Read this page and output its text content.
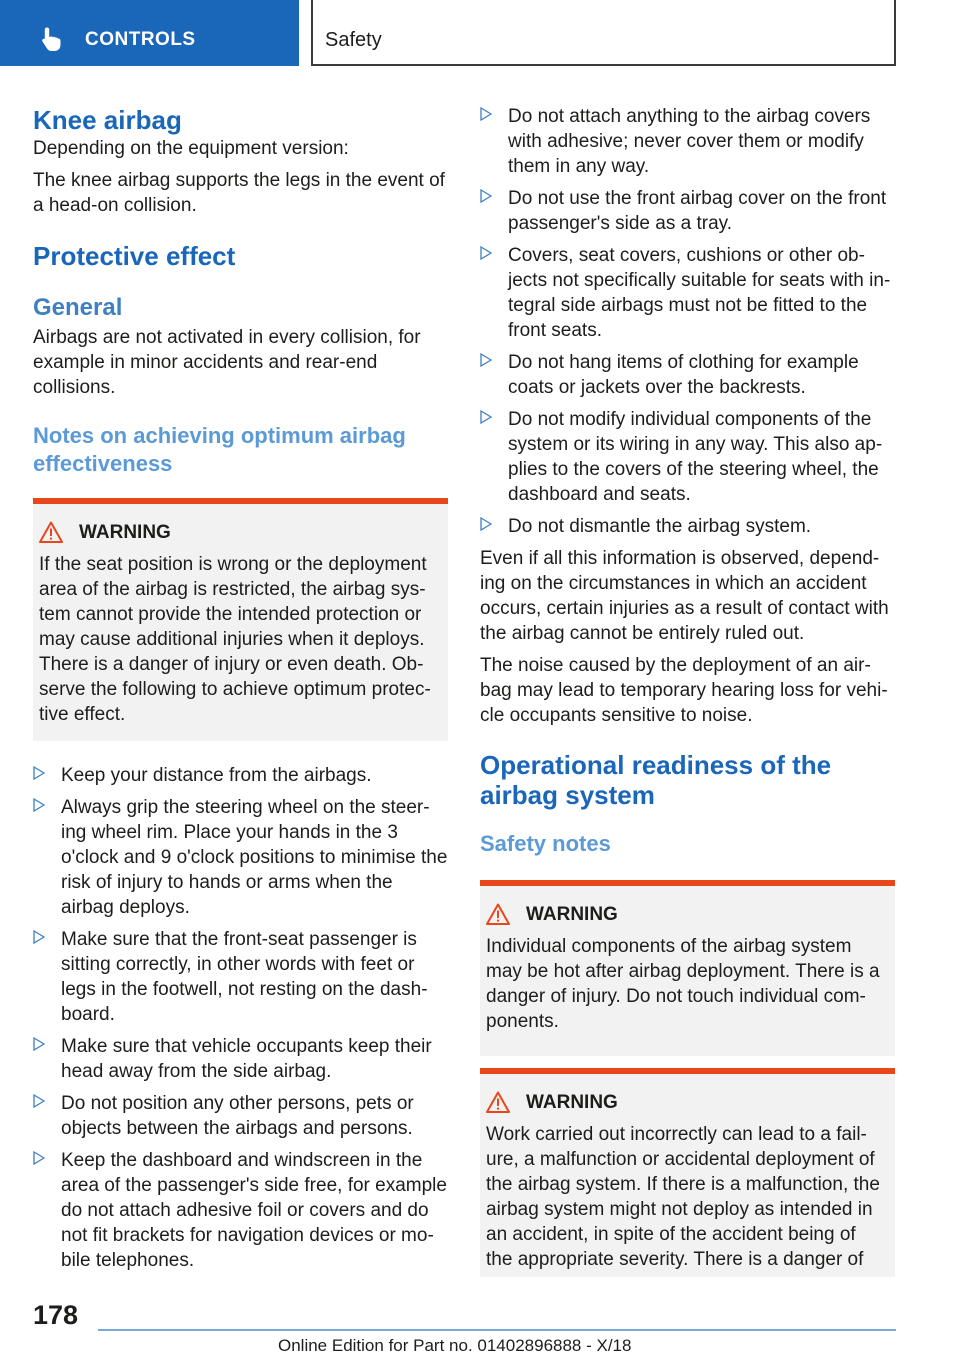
CONTROLS	Safety
Knee airbag

Depending on the equipment version:

The knee airbag supports the legs in the event of a head-on collision.

Protective effect
General

Airbags are not activated in every collision, for example in minor accidents and rear-end collisions.

Notes on achieving optimum airbag effectiveness
WARNING

If the seat position is wrong or the deployment area of the airbag is restricted, the airbag system cannot provide the intended protection or may cause additional injuries when it deploys. There is a danger of injury or even death. Observe the following to achieve optimum protective effect.

Keep your distance from the airbags.
Always grip the steering wheel on the steering wheel rim. Place your hands in the 3 o'clock and 9 o'clock positions to minimise the risk of injury to hands or arms when the airbag deploys.
Make sure that the front-seat passenger is sitting correctly, in other words with feet or legs in the footwell, not resting on the dashboard.
Make sure that vehicle occupants keep their head away from the side airbag.
Do not position any other persons, pets or objects between the airbags and persons.
Keep the dashboard and windscreen in the area of the passenger's side free, for example do not attach adhesive foil or covers and do not fit brackets for navigation devices or mobile telephones.
Do not attach anything to the airbag covers with adhesive; never cover them or modify them in any way.
Do not use the front airbag cover on the front passenger's side as a tray.
Covers, seat covers, cushions or other objects not specifically suitable for seats with integral side airbags must not be fitted to the front seats.
Do not hang items of clothing for example coats or jackets over the backrests.
Do not modify individual components of the system or its wiring in any way. This also applies to the covers of the steering wheel, the dashboard and seats.
Do not dismantle the airbag system.

Even if all this information is observed, depending on the circumstances in which an accident occurs, certain injuries as a result of contact with the airbag cannot be entirely ruled out.

The noise caused by the deployment of an airbag may lead to temporary hearing loss for vehicle occupants sensitive to noise.

Operational readiness of the airbag system
Safety notes
WARNING

Individual components of the airbag system may be hot after airbag deployment. There is a danger of injury. Do not touch individual components.

WARNING

Work carried out incorrectly can lead to a failure, a malfunction or accidental deployment of the airbag system. If there is a malfunction, the airbag system might not deploy as intended in an accident, in spite of the accident being of the appropriate severity. There is a danger of

178
Online Edition for Part no. 01402896888 - X/18
